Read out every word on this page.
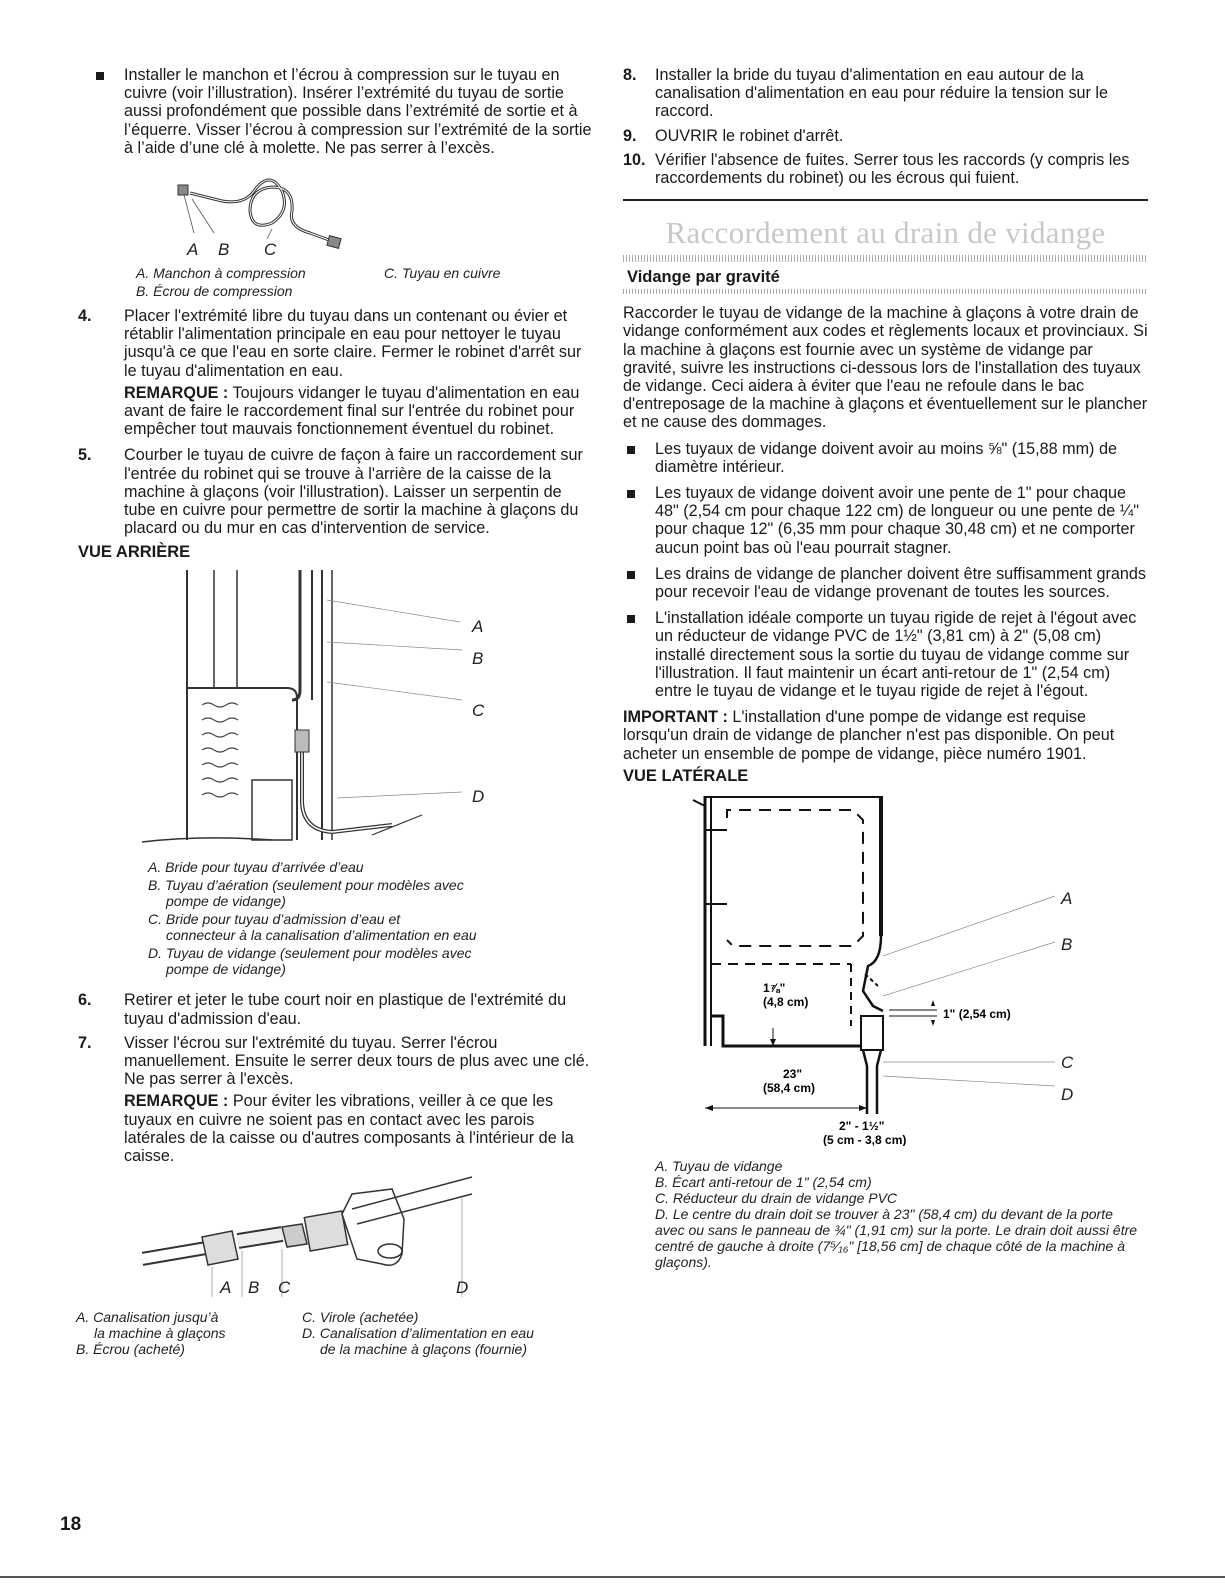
Installer le manchon et l’écrou à compression sur le tuyau en cuivre (voir l’illustration). Insérer l’extrémité du tuyau de sortie aussi profondément que possible dans l’extrémité de sortie et à l’équerre. Visser l’écrou à compression sur l’extrémité de la sortie à l’aide d’une clé à molette. Ne pas serrer à l’excès.

A B C
A. Manchon à compression	C. Tuyau en cuivre
B. Écrou de compression
4. Placer l'extrémité libre du tuyau dans un contenant ou évier et rétablir l'alimentation principale en eau pour nettoyer le tuyau jusqu'à ce que l'eau en sorte claire. Fermer le robinet d'arrêt sur le tuyau d'alimentation en eau.

REMARQUE : Toujours vidanger le tuyau d'alimentation en eau avant de faire le raccordement final sur l'entrée du robinet pour empêcher tout mauvais fonctionnement éventuel du robinet.

5. Courber le tuyau de cuivre de façon à faire un raccordement sur l'entrée du robinet qui se trouve à l'arrière de la caisse de la machine à glaçons (voir l'illustration). Laisser un serpentin de tube en cuivre pour permettre de sortir la machine à glaçons du placard ou du mur en cas d'intervention de service.

VUE ARRIÈRE

A
B
C
D

A. Bride pour tuyau d’arrivée d’eau

B. Tuyau d’aération (seulement pour modèles avec

pompe de vidange)

C. Bride pour tuyau d’admission d’eau et

connecteur à la canalisation d’alimentation en eau

D. Tuyau de vidange (seulement pour modèles avec

pompe de vidange)

6. Retirer et jeter le tube court noir en plastique de l'extrémité du tuyau d'admission d'eau.

7. Visser l'écrou sur l'extrémité du tuyau. Serrer l'écrou manuellement. Ensuite le serrer deux tours de plus avec une clé. Ne pas serrer à l'excès.

REMARQUE : Pour éviter les vibrations, veiller à ce que les tuyaux en cuivre ne soient pas en contact avec les parois latérales de la caisse ou d'autres composants à l'intérieur de la caisse.

A B C	D

A. Canalisation jusqu’à

la machine à glaçons

B. Écrou (acheté)

C. Virole (achetée)

D. Canalisation d’alimentation en eau

de la machine à glaçons (fournie)

8. Installer la bride du tuyau d'alimentation en eau autour de la canalisation d'alimentation en eau pour réduire la tension sur le raccord.

9. OUVRIR le robinet d'arrêt.

10. Vérifier l'absence de fuites. Serrer tous les raccords (y compris les raccordements du robinet) ou les écrous qui fuient.

Raccordement au drain de vidange

Vidange par gravité

Raccorder le tuyau de vidange de la machine à glaçons à votre drain de vidange conformément aux codes et règlements locaux et provinciaux. Si la machine à glaçons est fournie avec un système de vidange par gravité, suivre les instructions ci-dessous lors de l'installation des tuyaux de vidange. Ceci aidera à éviter que l'eau ne refoule dans le bac d'entreposage de la machine à glaçons et éventuellement sur le plancher et ne cause des dommages.

Les tuyaux de vidange doivent avoir au moins ⅝" (15,88 mm) de diamètre intérieur.

Les tuyaux de vidange doivent avoir une pente de 1" pour chaque 48" (2,54 cm pour chaque 122 cm) de longueur ou une pente de ¼" pour chaque 12" (6,35 mm pour chaque 30,48 cm) et ne comporter aucun point bas où l'eau pourrait stagner.

Les drains de vidange de plancher doivent être suffisamment grands pour recevoir l'eau de vidange provenant de toutes les sources.

L'installation idéale comporte un tuyau rigide de rejet à l'égout avec un réducteur de vidange PVC de 1½" (3,81 cm) à 2" (5,08 cm) installé directement sous la sortie du tuyau de vidange comme sur l'illustration. Il faut maintenir un écart anti-retour de 1" (2,54 cm) entre le tuyau de vidange et le tuyau rigide de rejet à l'égout.

IMPORTANT : L'installation d'une pompe de vidange est requise lorsqu'un drain de vidange de plancher n'est pas disponible. On peut acheter un ensemble de pompe de vidange, pièce numéro 1901.

VUE LATÉRALE

A
B
C
D
1⅞"
(4,8 cm)
1" (2,54 cm)
23"
(58,4 cm)
2" - 1½"
(5 cm - 3,8 cm)

A. Tuyau de vidange

B. Écart anti-retour de 1" (2,54 cm)

C. Réducteur du drain de vidange PVC

D. Le centre du drain doit se trouver à 23" (58,4 cm) du devant de la porte avec ou sans le panneau de ¾" (1,91 cm) sur la porte. Le drain doit aussi être centré de gauche à droite (7⁵⁄₁₆" [18,56 cm] de chaque côté de la machine à glaçons).

18
